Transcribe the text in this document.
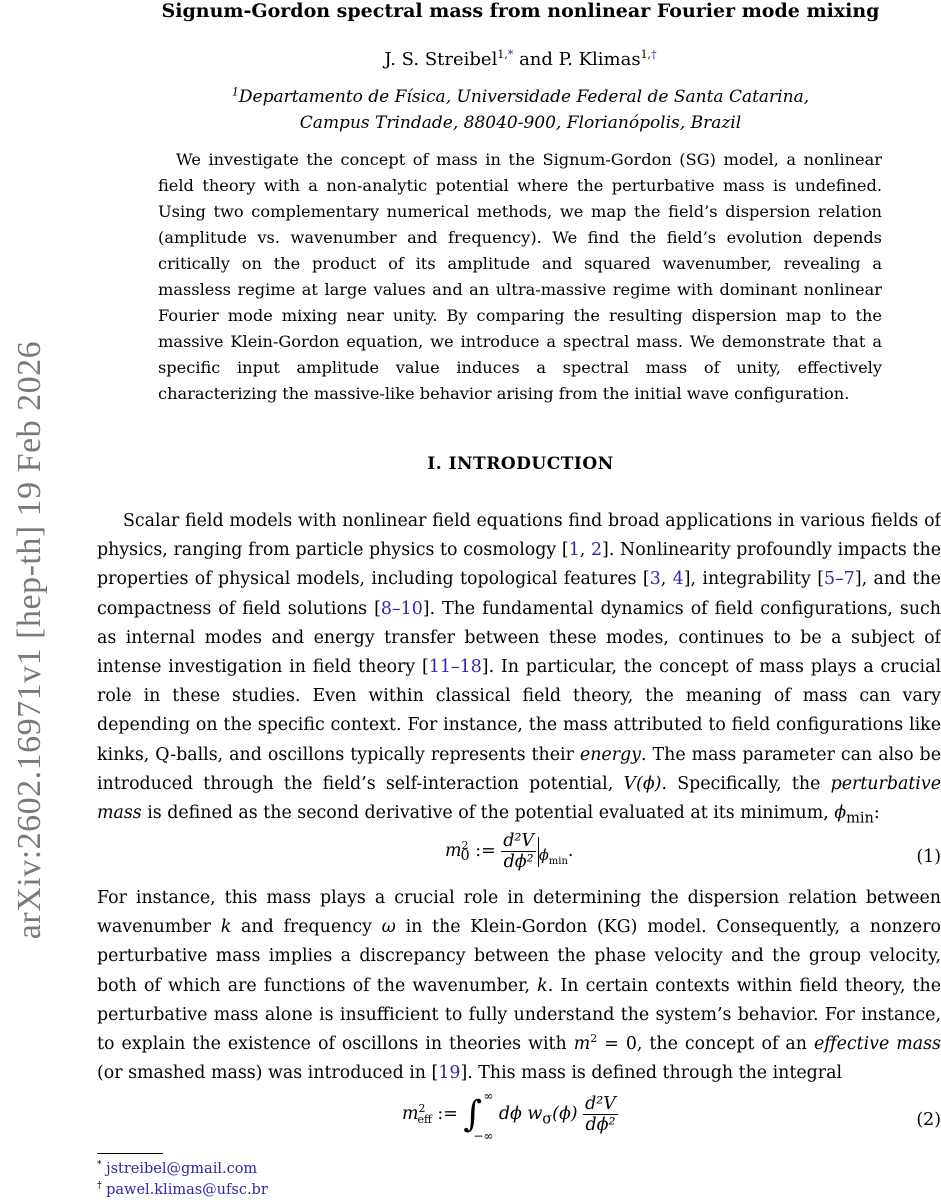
arXiv:2602.16971v1 [hep-th] 19 Feb 2026
Signum-Gordon spectral mass from nonlinear Fourier mode mixing
J. S. Streibel$^{1,*}$ and P. Klimas$^{1,\dagger}$
$^1$Departamento de Física, Universidade Federal de Santa Catarina,
Campus Trindade, 88040-900, Florianópolis, Brazil

We investigate the concept of mass in the Signum-Gordon (SG) model, a nonlinear field theory with a non-analytic potential where the perturbative mass is undefined. Using two complementary numerical methods, we map the field’s dispersion relation (amplitude vs. wavenumber and frequency). We find the field’s evolution depends critically on the product of its amplitude and squared wavenumber, revealing a massless regime at large values and an ultra-massive regime with dominant nonlinear Fourier mode mixing near unity. By comparing the resulting dispersion map to the massive Klein-Gordon equation, we introduce a spectral mass. We demonstrate that a specific input amplitude value induces a spectral mass of unity, effectively characterizing the massive-like behavior arising from the initial wave configuration.

I. INTRODUCTION

Scalar field models with nonlinear field equations find broad applications in various fields of physics, ranging from particle physics to cosmology [1, 2]. Nonlinearity profoundly impacts the properties of physical models, including topological features [3, 4], integrability [5–7], and the compactness of field solutions [8–10]. The fundamental dynamics of field configurations, such as internal modes and energy transfer between these modes, continues to be a subject of intense investigation in field theory [11–18]. In particular, the concept of mass plays a crucial role in these studies. Even within classical field theory, the meaning of mass can vary depending on the specific context. For instance, the mass attributed to field configurations like kinks, Q-balls, and oscillons typically represents their energy. The mass parameter can also be introduced through the field’s self-interaction potential, V(ϕ). Specifically, the perturbative mass is defined as the second derivative of the potential evaluated at its minimum, $\phi_{min}$:

$m^2_0$ := $\frac{\text{d²V}}{\text{dϕ²}} _{\phi_{min}}$.	(1)

For instance, this mass plays a crucial role in determining the dispersion relation between wavenumber k and frequency ω in the Klein-Gordon (KG) model. Consequently, a nonzero perturbative mass implies a discrepancy between the phase velocity and the group velocity, both of which are functions of the wavenumber, k. In certain contexts within field theory, the perturbative mass alone is insufficient to fully understand the system’s behavior. For instance, to explain the existence of oscillons in theories with $m^2 = 0$, the concept of an effective mass (or smashed mass) was introduced in [19]. This mass is defined through the integral

$m^2_{eff}$ := ∫ ∞
−∞
dϕ $w_\sigma(\phi) \frac{\text{d²V}}{\text{dϕ²}}$	(2)
* jstreibel@gmail.com
† pawel.klimas@ufsc.br
